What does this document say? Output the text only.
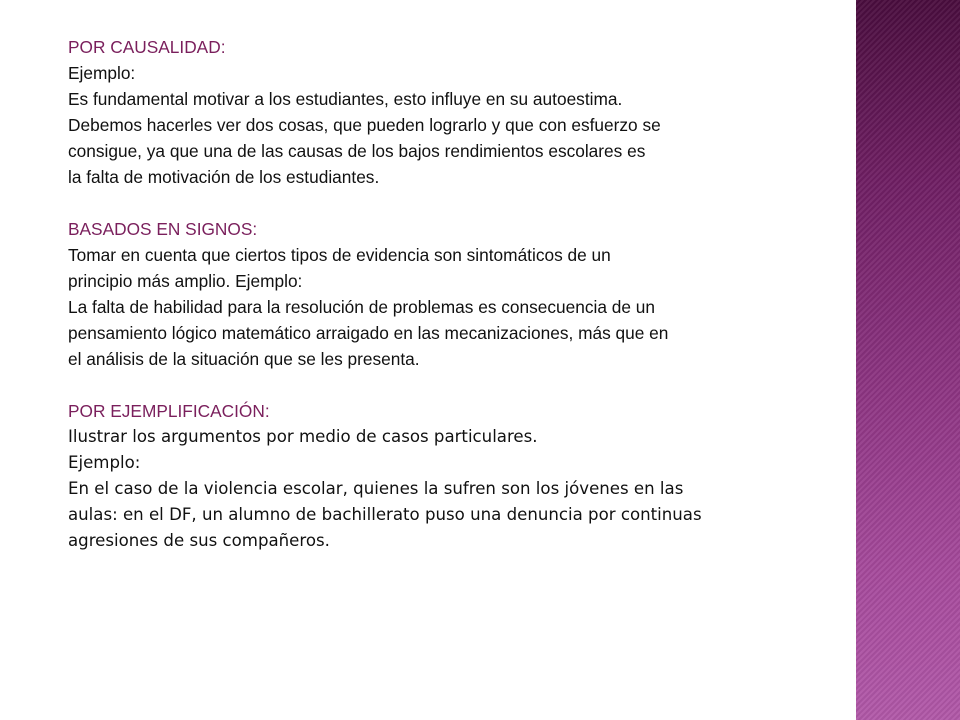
POR CAUSALIDAD:
Ejemplo:
Es fundamental motivar a los estudiantes, esto influye en su autoestima.
Debemos hacerles ver dos cosas, que pueden lograrlo y que con esfuerzo se
consigue, ya que una de las causas de los bajos rendimientos escolares es
la falta de motivación de los estudiantes.
BASADOS EN SIGNOS:
Tomar en cuenta que ciertos tipos de evidencia son sintomáticos de un
principio más amplio. Ejemplo:
La falta de habilidad para la resolución de problemas es consecuencia de un
pensamiento lógico matemático arraigado en las mecanizaciones, más que en
el análisis de la situación que se les presenta.
POR EJEMPLIFICACIÓN:
Ilustrar los argumentos por medio de casos particulares.
Ejemplo:
En el caso de la violencia escolar, quienes la sufren son los jóvenes en las
aulas: en el DF, un alumno de bachillerato puso una denuncia por continuas
agresiones de sus compañeros.
